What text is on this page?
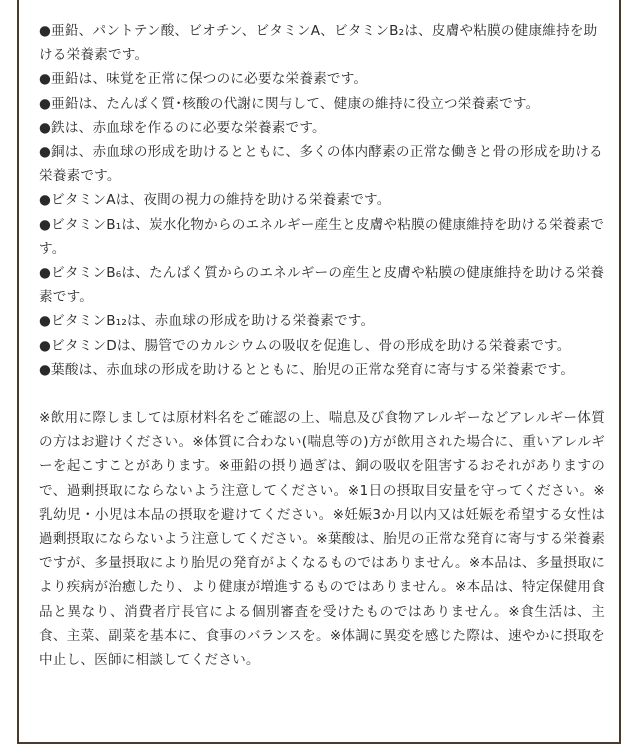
●亜鉛、パントテン酸、ビオチン、ビタミンA、ビタミンB₂は、皮膚や粘膜の健康維持を助ける栄養素です。

●亜鉛は、味覚を正常に保つのに必要な栄養素です。

●亜鉛は、たんぱく質･核酸の代謝に関与して、健康の維持に役立つ栄養素です。

●鉄は、赤血球を作るのに必要な栄養素です。

●銅は、赤血球の形成を助けるとともに、多くの体内酵素の正常な働きと骨の形成を助ける栄養素です。

●ビタミンAは、夜間の視力の維持を助ける栄養素です。

●ビタミンB₁は、炭水化物からのエネルギー産生と皮膚や粘膜の健康維持を助ける栄養素です。

●ビタミンB₆は、たんぱく質からのエネルギーの産生と皮膚や粘膜の健康維持を助ける栄養素です。

●ビタミンB₁₂は、赤血球の形成を助ける栄養素です。

●ビタミンDは、腸管でのカルシウムの吸収を促進し、骨の形成を助ける栄養素です。

●葉酸は、赤血球の形成を助けるとともに、胎児の正常な発育に寄与する栄養素です。

※飲用に際しましては原材料名をご確認の上、喘息及び食物アレルギーなどアレルギー体質の方はお避けください。※体質に合わない(喘息等の)方が飲用された場合に、重いアレルギーを起こすことがあります。※亜鉛の摂り過ぎは、銅の吸収を阻害するおそれがありますので、過剰摂取にならないよう注意してください。※1日の摂取目安量を守ってください。※乳幼児・小児は本品の摂取を避けてください。※妊娠3か月以内又は妊娠を希望する女性は過剰摂取にならないよう注意してください。※葉酸は、胎児の正常な発育に寄与する栄養素ですが、多量摂取により胎児の発育がよくなるものではありません。※本品は、多量摂取により疾病が治癒したり、より健康が増進するものではありません。※本品は、特定保健用食品と異なり、消費者庁長官による個別審査を受けたものではありません。※食生活は、主食、主菜、副菜を基本に、食事のバランスを。※体調に異変を感じた際は、速やかに摂取を中止し、医師に相談してください。
